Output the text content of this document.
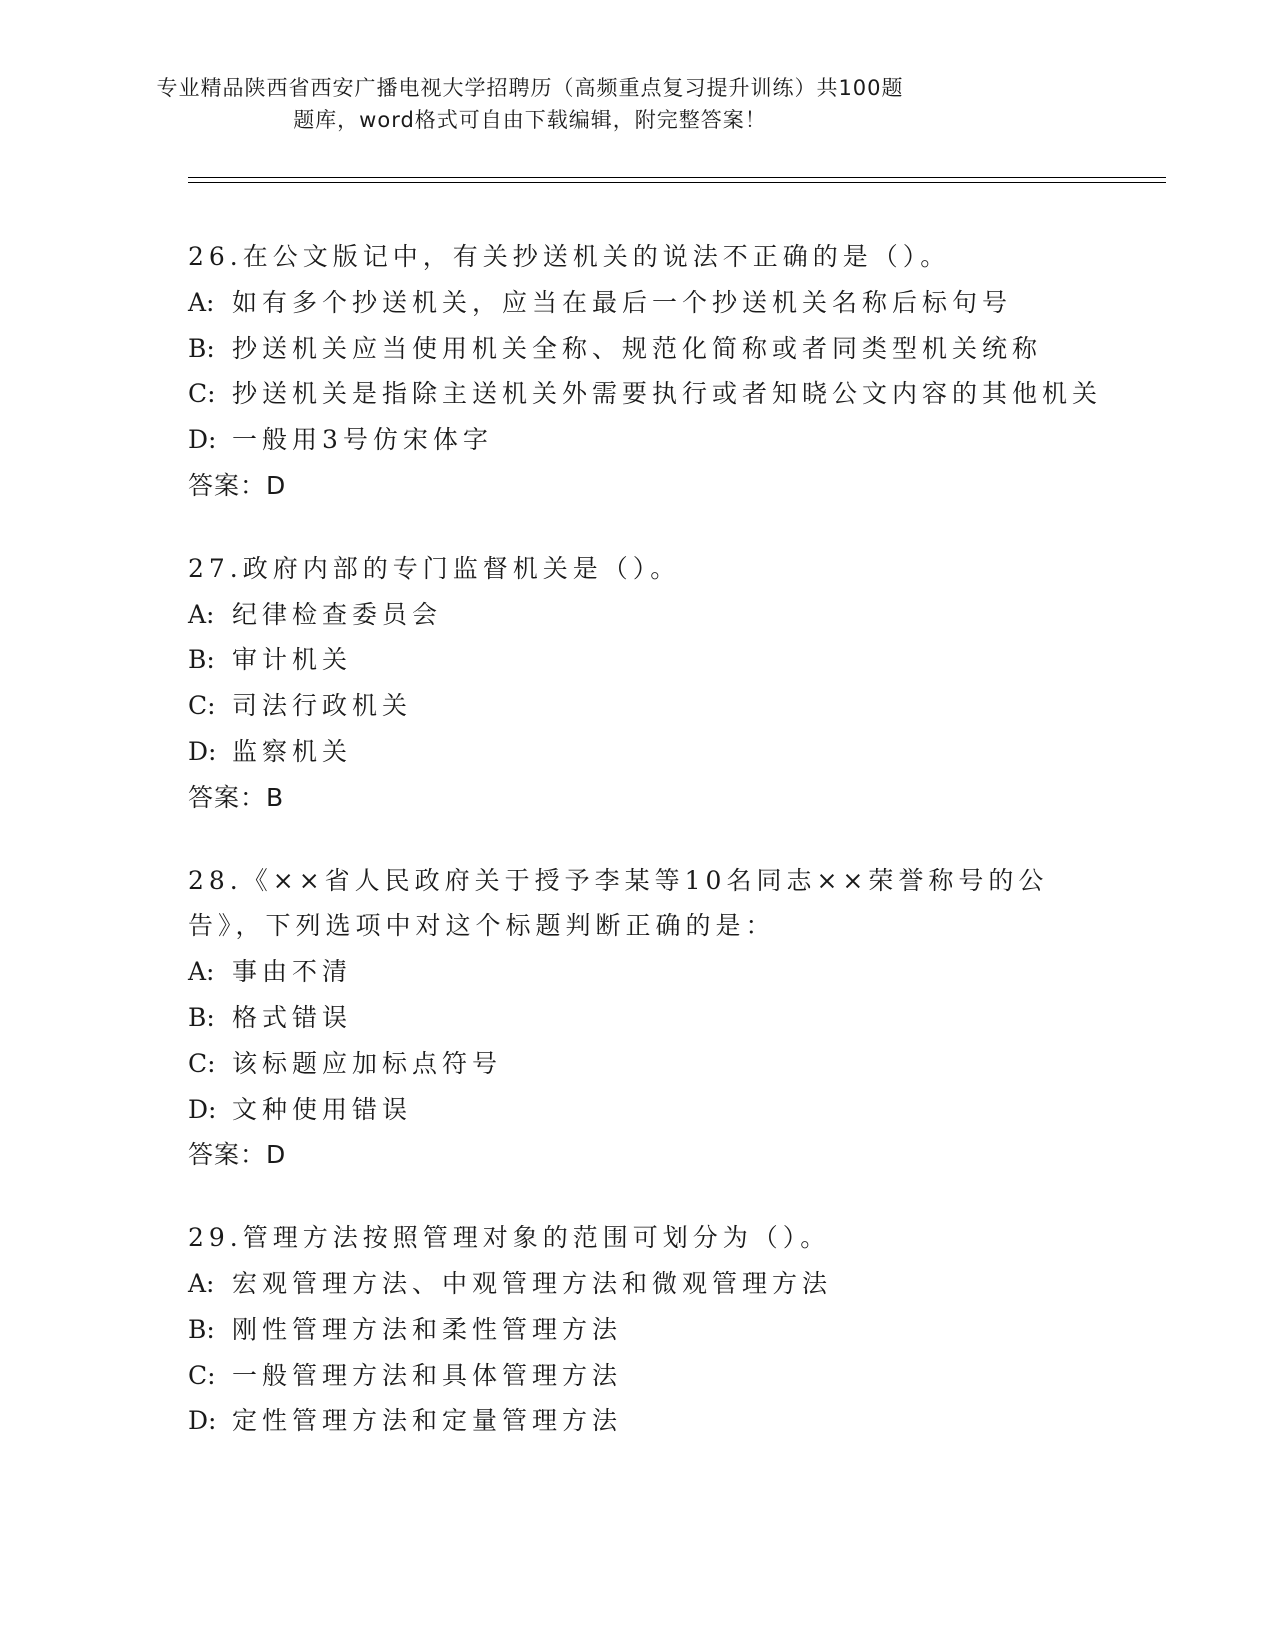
专业精品陕西省西安广播电视大学招聘历（高频重点复习提升训练）共100题
题库，word格式可自由下载编辑，附完整答案！
26.在公文版记中，有关抄送机关的说法不正确的是（）。
A: 如有多个抄送机关，应当在最后一个抄送机关名称后标句号
B: 抄送机关应当使用机关全称、规范化简称或者同类型机关统称
C: 抄送机关是指除主送机关外需要执行或者知晓公文内容的其他机关
D: 一般用3号仿宋体字
答案：D
27.政府内部的专门监督机关是（）。
A: 纪律检查委员会
B: 审计机关
C: 司法行政机关
D: 监察机关
答案：B
28.《××省人民政府关于授予李某等10名同志××荣誉称号的公告》，下列选项中对这个标题判断正确的是：
A: 事由不清
B: 格式错误
C: 该标题应加标点符号
D: 文种使用错误
答案：D
29.管理方法按照管理对象的范围可划分为（）。
A: 宏观管理方法、中观管理方法和微观管理方法
B: 刚性管理方法和柔性管理方法
C: 一般管理方法和具体管理方法
D: 定性管理方法和定量管理方法
